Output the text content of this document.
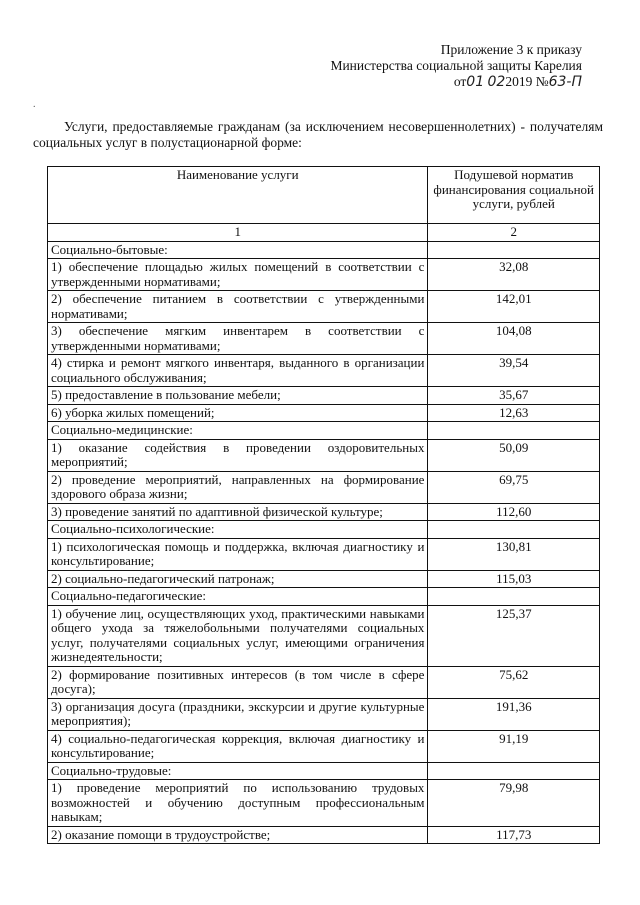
Приложение 3 к приказу
Министерства социальной защиты Карелия
от01 022019 №63-П
.
Услуги, предоставляемые гражданам (за исключением несовершеннолетних) - получателям социальных услуг в полустационарной форме:
Наименование услуги	Подушевой норматив финансирования социальной услуги, рублей
1	2
Социально-бытовые:	
1) обеспечение площадью жилых помещений в соответствии с утвержденными нормативами;	32,08
2) обеспечение питанием в соответствии с утвержденными нормативами;	142,01
3) обеспечение мягким инвентарем в соответствии с утвержденными нормативами;	104,08
4) стирка и ремонт мягкого инвентаря, выданного в организации социального обслуживания;	39,54
5) предоставление в пользование мебели;	35,67
6) уборка жилых помещений;	12,63
Социально-медицинские:	
1) оказание содействия в проведении оздоровительных мероприятий;	50,09
2) проведение мероприятий, направленных на формирование здорового образа жизни;	69,75
3) проведение занятий по адаптивной физической культуре;	112,60
Социально-психологические:	
1) психологическая помощь и поддержка, включая диагностику и консультирование;	130,81
2) социально-педагогический патронаж;	115,03
Социально-педагогические:	
1) обучение лиц, осуществляющих уход, практическими навыками общего ухода за тяжелобольными получателями социальных услуг, получателями социальных услуг, имеющими ограничения жизнедеятельности;	125,37
2) формирование позитивных интересов (в том числе в сфере досуга);	75,62
3) организация досуга (праздники, экскурсии и другие культурные мероприятия);	191,36
4) социально-педагогическая коррекция, включая диагностику и консультирование;	91,19
Социально-трудовые:	
1) проведение мероприятий по использованию трудовых возможностей и обучению доступным профессиональным навыкам;	79,98
2) оказание помощи в трудоустройстве;	117,73
